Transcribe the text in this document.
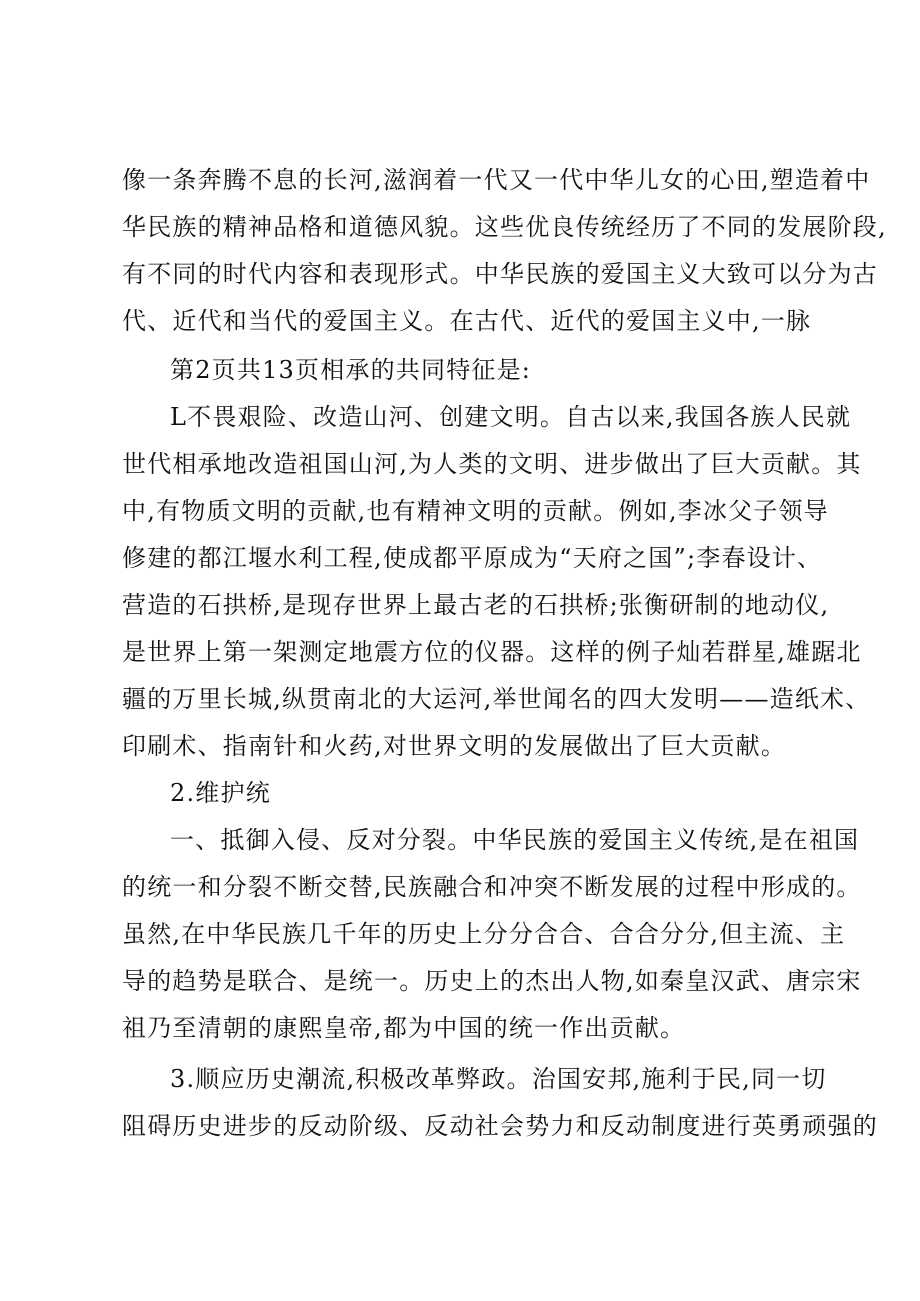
像一条奔腾不息的长河,滋润着一代又一代中华儿女的心田,塑造着中
华民族的精神品格和道德风貌。这些优良传统经历了不同的发展阶段,
有不同的时代内容和表现形式。中华民族的爱国主义大致可以分为古
代、近代和当代的爱国主义。在古代、近代的爱国主义中,一脉
第2页共13页相承的共同特征是:
L不畏艰险、改造山河、创建文明。自古以来,我国各族人民就
世代相承地改造祖国山河,为人类的文明、进步做出了巨大贡献。其
中,有物质文明的贡献,也有精神文明的贡献。例如,李冰父子领导
修建的都江堰水利工程,使成都平原成为“天府之国”;李春设计、
营造的石拱桥,是现存世界上最古老的石拱桥;张衡研制的地动仪,
是世界上第一架测定地震方位的仪器。这样的例子灿若群星,雄踞北
疆的万里长城,纵贯南北的大运河,举世闻名的四大发明——造纸术、
印刷术、指南针和火药,对世界文明的发展做出了巨大贡献。
2.维护统
一、抵御入侵、反对分裂。中华民族的爱国主义传统,是在祖国
的统一和分裂不断交替,民族融合和冲突不断发展的过程中形成的。
虽然,在中华民族几千年的历史上分分合合、合合分分,但主流、主
导的趋势是联合、是统一。历史上的杰出人物,如秦皇汉武、唐宗宋
祖乃至清朝的康熙皇帝,都为中国的统一作出贡献。
3.顺应历史潮流,积极改革弊政。治国安邦,施利于民,同一切
阻碍历史进步的反动阶级、反动社会势力和反动制度进行英勇顽强的
